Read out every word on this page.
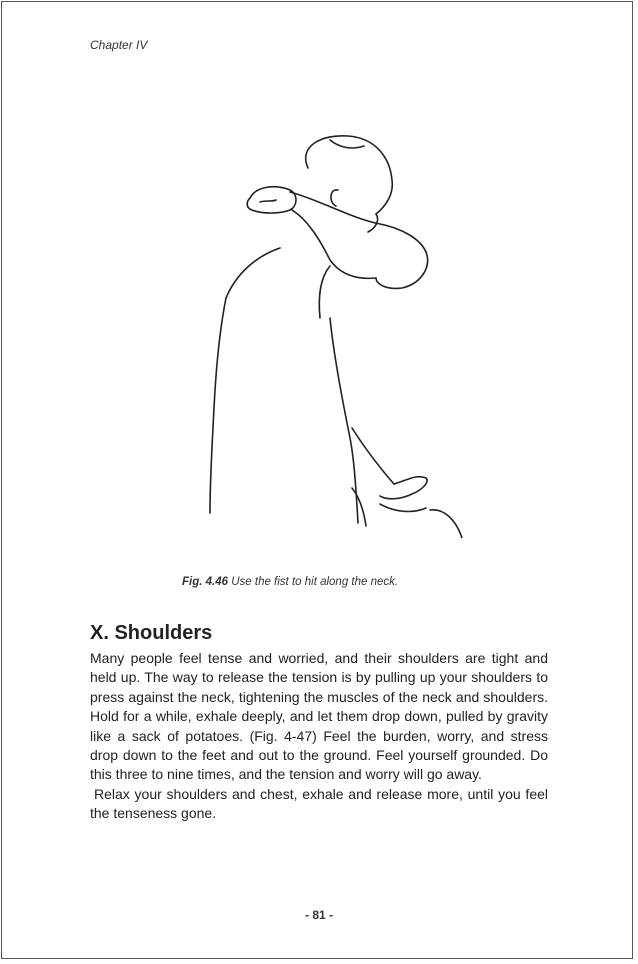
Chapter IV
Fig. 4.46 Use the fist to hit along the neck.
X. Shoulders

Many people feel tense and worried, and their shoulders are tight and held up. The way to release the tension is by pulling up your shoulders to press against the neck, tightening the muscles of the neck and shoulders. Hold for a while, exhale deeply, and let them drop down, pulled by gravity like a sack of potatoes. (Fig. 4-47) Feel the burden, worry, and stress drop down to the feet and out to the ground. Feel yourself grounded. Do this three to nine times, and the tension and worry will go away.

Relax your shoulders and chest, exhale and release more, until you feel the tenseness gone.

- 81 -
